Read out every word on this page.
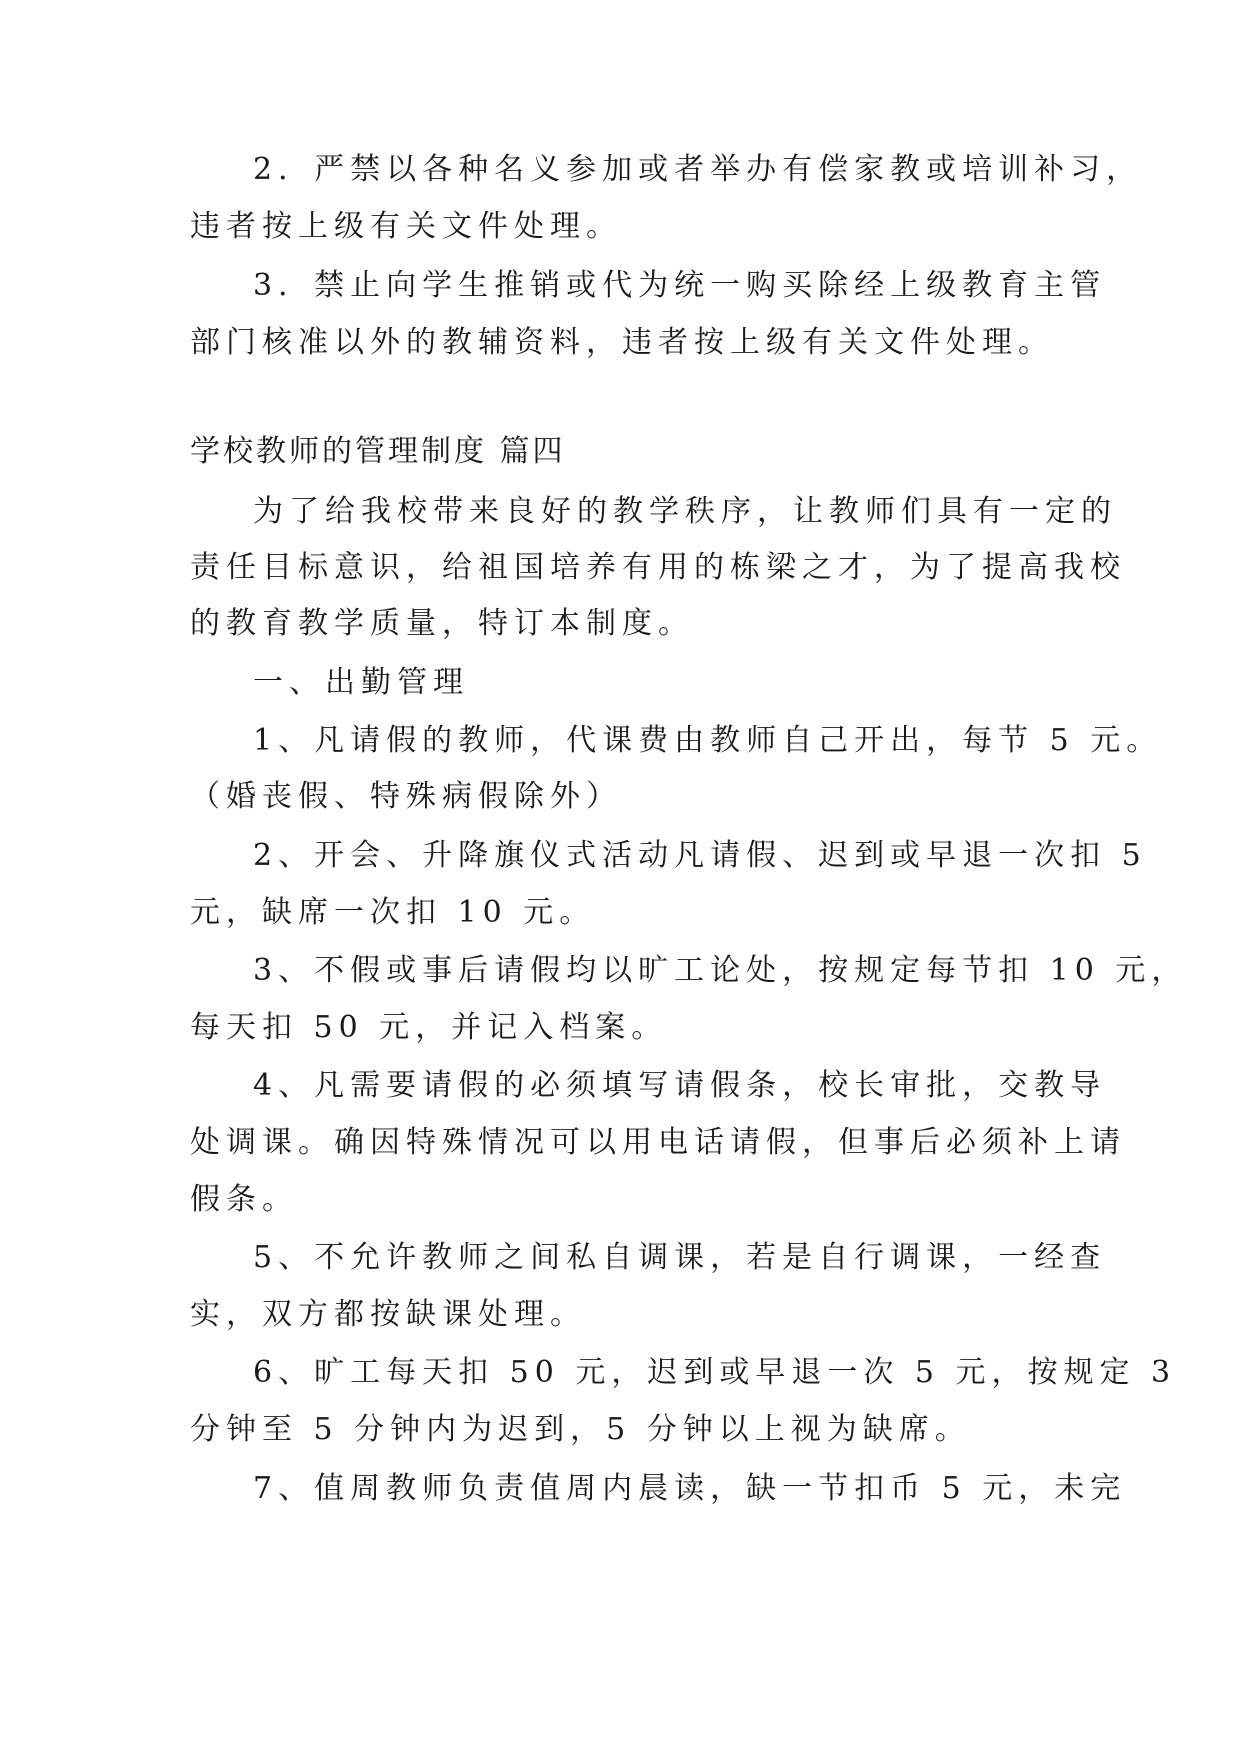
2．严禁以各种名义参加或者举办有偿家教或培训补习，
违者按上级有关文件处理。
3．禁止向学生推销或代为统一购买除经上级教育主管
部门核准以外的教辅资料，违者按上级有关文件处理。
学校教师的管理制度 篇四
为了给我校带来良好的教学秩序，让教师们具有一定的
责任目标意识，给祖国培养有用的栋梁之才，为了提高我校
的教育教学质量，特订本制度。
一、出勤管理
1、凡请假的教师，代课费由教师自己开出，每节 5 元。
（婚丧假、特殊病假除外）
2、开会、升降旗仪式活动凡请假、迟到或早退一次扣 5
元，缺席一次扣 10 元。
3、不假或事后请假均以旷工论处，按规定每节扣 10 元，
每天扣 50 元，并记入档案。
4、凡需要请假的必须填写请假条，校长审批，交教导
处调课。确因特殊情况可以用电话请假，但事后必须补上请
假条。
5、不允许教师之间私自调课，若是自行调课，一经查
实，双方都按缺课处理。
6、旷工每天扣 50 元，迟到或早退一次 5 元，按规定 3
分钟至 5 分钟内为迟到，5 分钟以上视为缺席。
7、值周教师负责值周内晨读，缺一节扣币 5 元，未完
